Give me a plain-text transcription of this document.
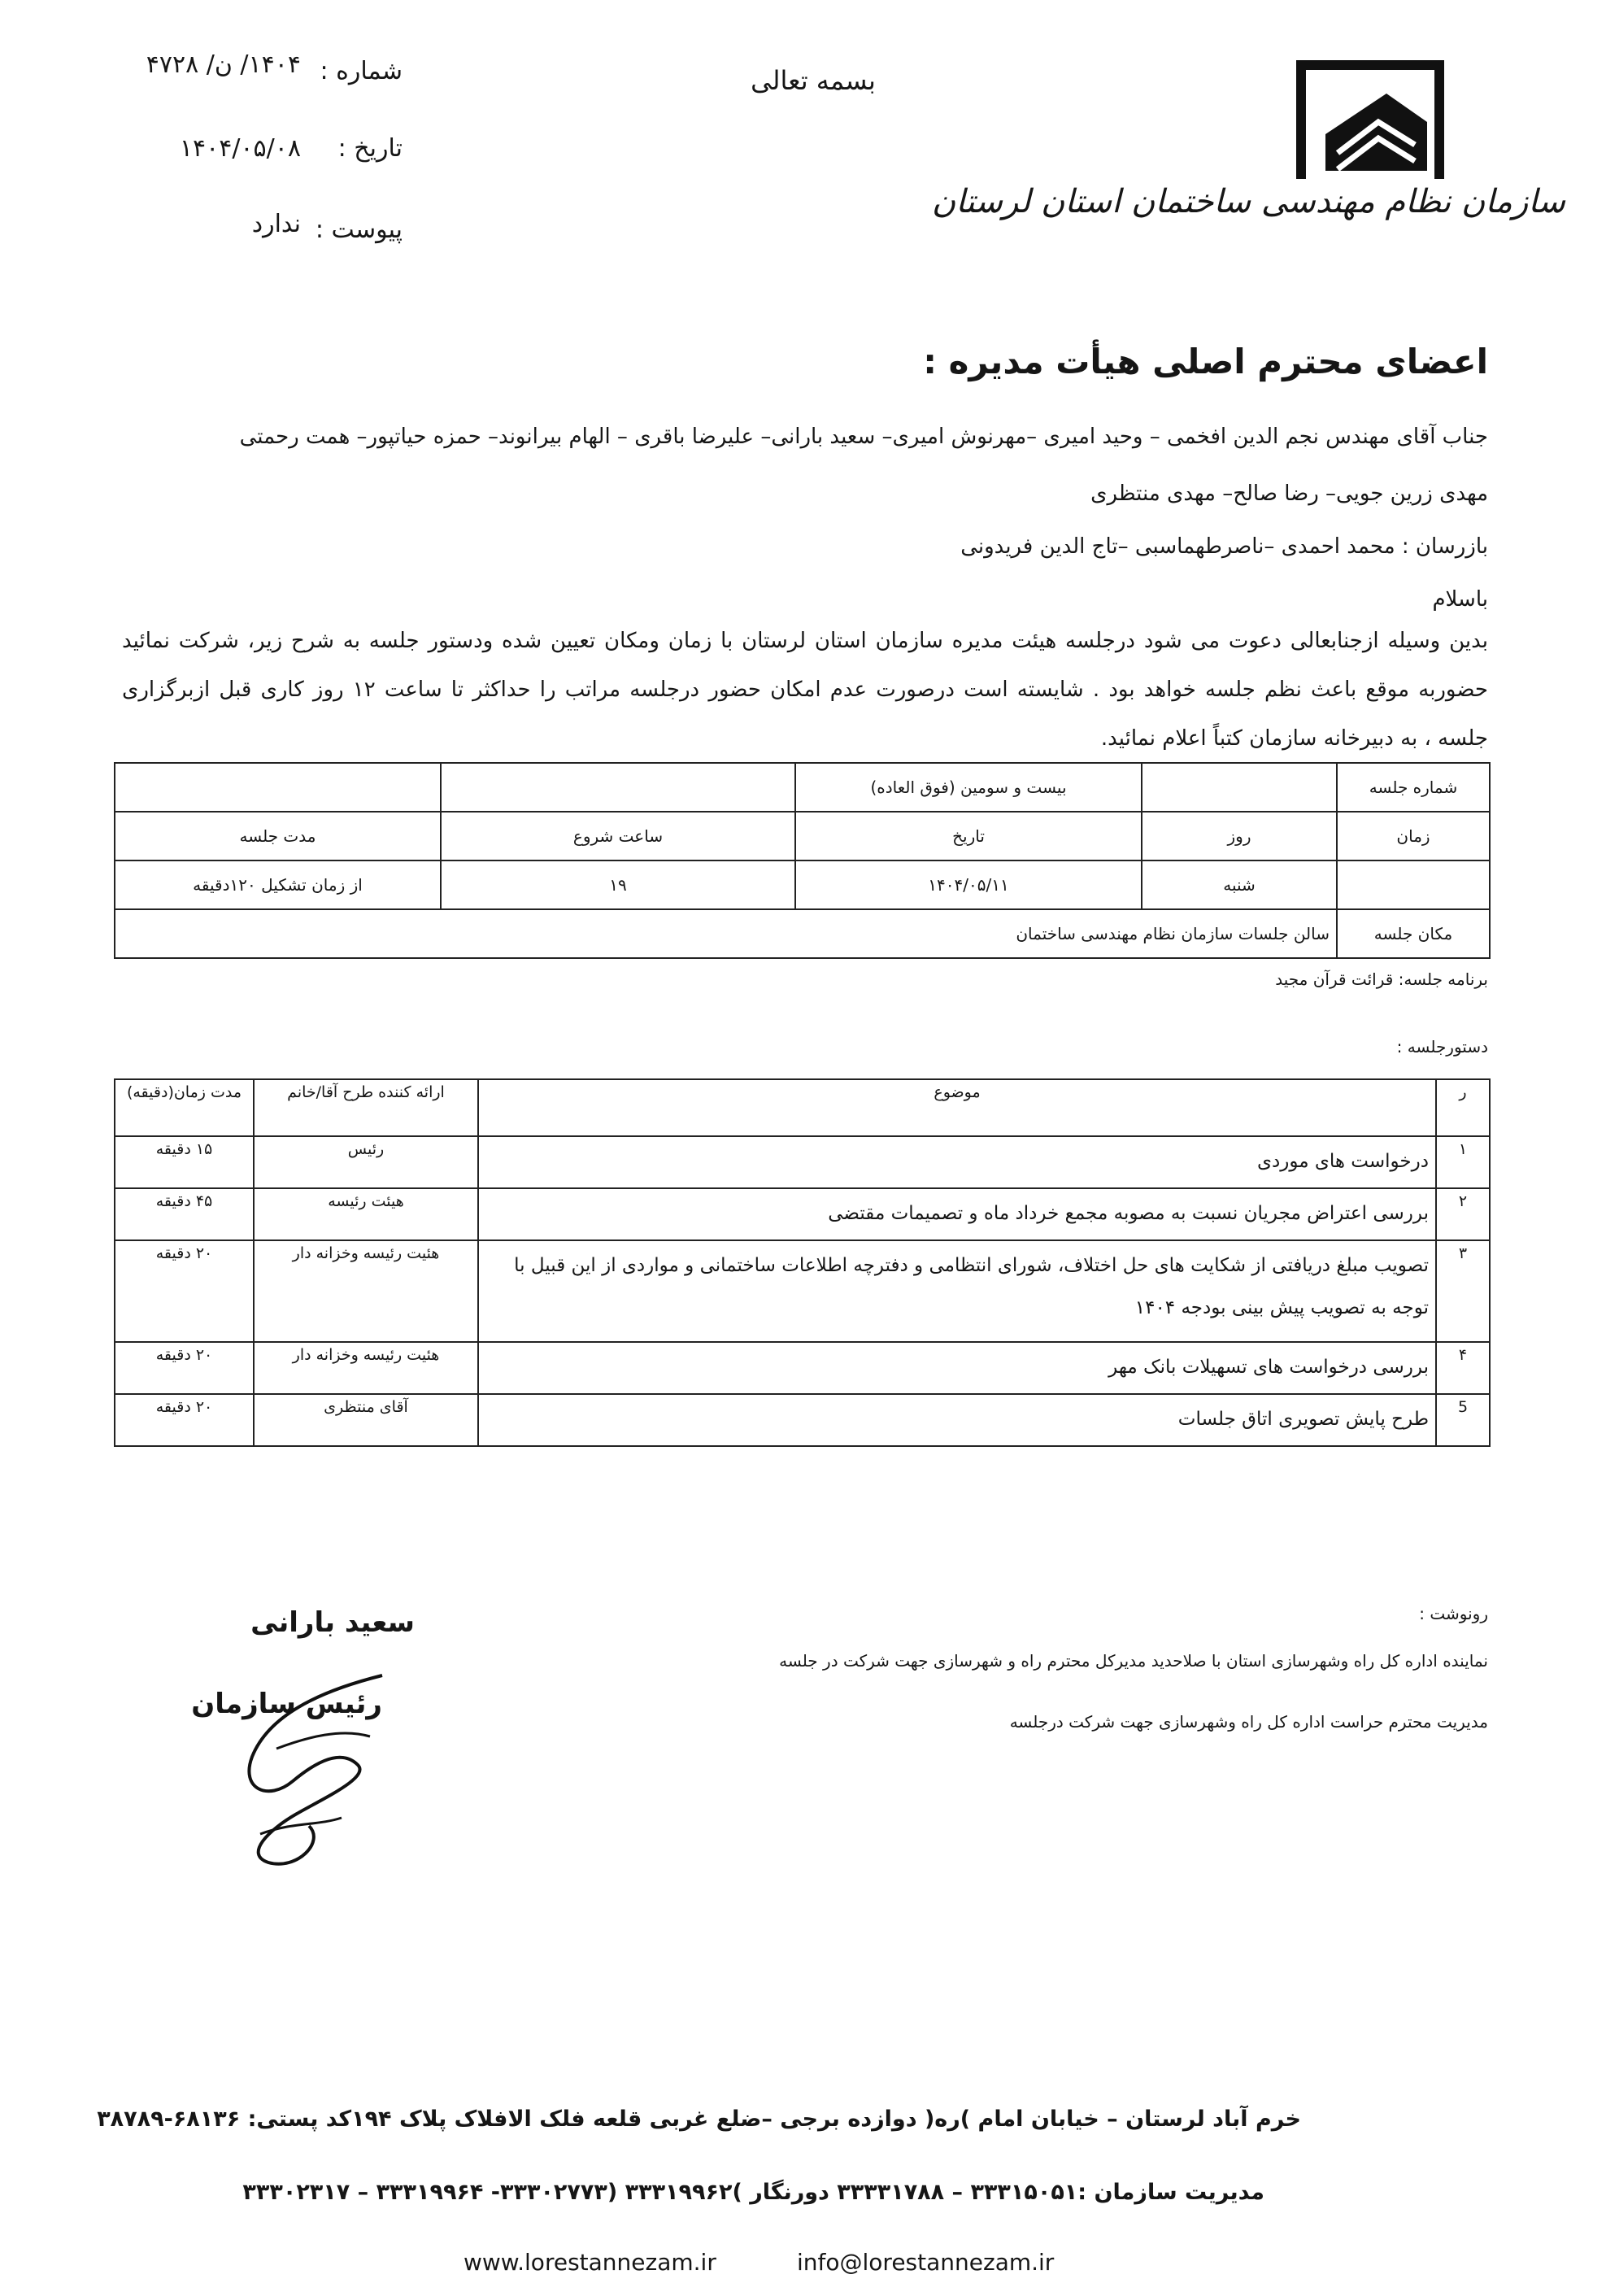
سازمان نظام مهندسی ساختمان استان لرستان
بسمه تعالی
شماره :
۱۴۰۴/ ن/ ۴۷۲۸
تاریخ :
۱۴۰۴/۰۵/۰۸
پیوست :
ندارد
اعضای محترم اصلی هیأت مدیره :
جناب آقای مهندس نجم الدین افخمی – وحید امیری –مهرنوش امیری– سعید بارانی– علیرضا باقری – الهام بیرانوند– حمزه حیاتپور– همت رحمتی
مهدی زرین جویی– رضا صالح– مهدی منتظری
بازرسان : محمد احمدی –ناصرطهماسبی –تاج الدین فریدونی
باسلام
بدین وسیله ازجنابعالی دعوت می شود درجلسه هیئت مدیره سازمان استان لرستان با زمان ومکان تعیین شده ودستور جلسه به شرح زیر، شرکت نمائید حضوربه موقع باعث نظم جلسه خواهد بود . شایسته است درصورت عدم امکان حضور درجلسه مراتب را حداکثر تا ساعت ۱۲ روز کاری قبل ازبرگزاری جلسه ، به دبیرخانه سازمان کتباً اعلام نمائید.
شماره جلسه		بیست و سومین (فوق العاده)		
زمان	روز	تاریخ	ساعت شروع	مدت جلسه
	شنبه	۱۴۰۴/۰۵/۱۱	۱۹	از زمان تشکیل ۱۲۰دقیقه
مکان جلسه	سالن جلسات سازمان نظام مهندسی ساختمان			
برنامه جلسه: قرائت قرآن مجید
دستورجلسه :
ر	موضوع	ارائه کننده طرح آقا/خانم	مدت زمان(دقیقه)
۱	درخواست های موردی	رئیس	۱۵ دقیقه
۲	بررسی اعتراض مجریان نسبت به مصوبه مجمع خرداد ماه و تصمیمات مقتضی	هیئت رئیسه	۴۵ دقیقه
۳	تصویب مبلغ دریافتی از شکایت های حل اختلاف، شورای انتظامی و دفترچه اطلاعات ساختمانی و مواردی از این قبیل با توجه به تصویب پیش بینی بودجه ۱۴۰۴	هئیت رئیسه وخزانه دار	۲۰ دقیقه
۴	بررسی درخواست های تسهیلات بانک مهر	هئیت رئیسه وخزانه دار	۲۰ دقیقه
5	طرح پایش تصویری اتاق جلسات	آقای منتظری	۲۰ دقیقه
رونوشت :
نماینده اداره کل راه وشهرسازی استان با صلاحدید مدیرکل محترم راه و شهرسازی جهت شرکت در جلسه
مدیریت محترم حراست اداره کل راه وشهرسازی جهت شرکت درجلسه
سعید بارانی
رئیس سازمان
خرم آباد لرستان – خیابان امام )ره( دوازده برجی –ضلع غربی قلعه فلک الافلاک پلاک ۱۹۴کد پستی: ۶۸۱۳۶-۳۸۷۸۹
مدیریت سازمان :۳۳۳۱۵۰۵۱ – ۳۳۳۳۱۷۸۸ دورنگار )۳۳۳۱۹۹۶۲ (۳۳۳۰۲۷۷۳- ۳۳۳۱۹۹۶۴ – ۳۳۳۰۲۳۱۷
www.lorestannezam.ir	info@lorestannezam.ir
